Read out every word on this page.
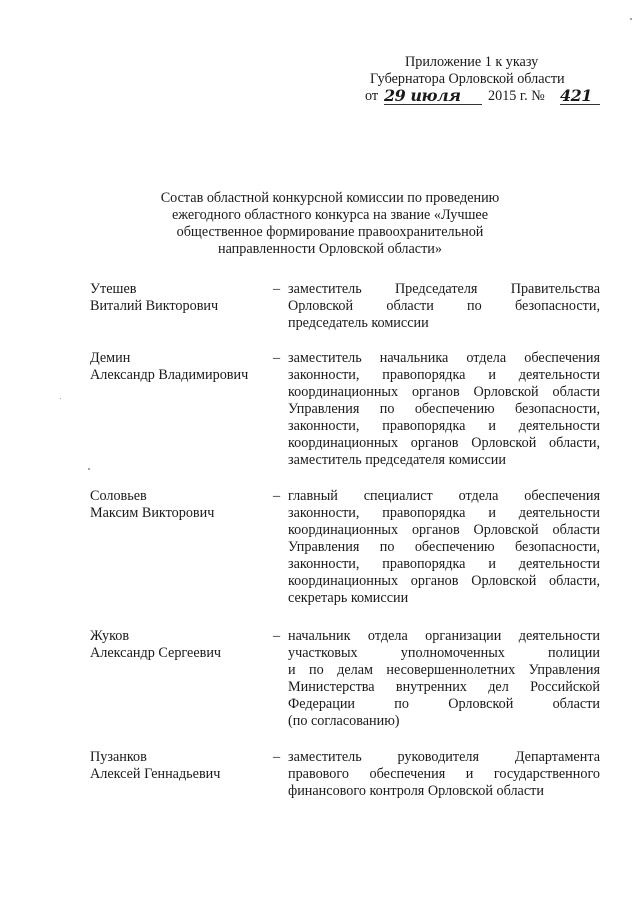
Приложение 1 к указу
Губернатора Орловской области
от 29 июля	2015 г. № 421
Состав областной конкурсной комиссии по проведению
ежегодного областного конкурса на звание «Лучшее
общественное формирование правоохранительной
направленности Орловской области»
Утешев
Виталий Викторович
– заместитель Председателя Правительства
Орловской области по безопасности,
председатель комиссии
Демин
Александр Владимирович
– заместитель начальника отдела обеспечения
законности, правопорядка и деятельности
координационных органов Орловской области
Управления по обеспечению безопасности,
законности, правопорядка и деятельности
координационных органов Орловской области,
заместитель председателя комиссии
Соловьев
Максим Викторович
– главный специалист отдела обеспечения
законности, правопорядка и деятельности
координационных органов Орловской области
Управления по обеспечению безопасности,
законности, правопорядка и деятельности
координационных органов Орловской области,
секретарь комиссии
Жуков
Александр Сергеевич
– начальник отдела организации деятельности
участковых уполномоченных полиции
и по делам несовершеннолетних Управления
Министерства внутренних дел Российской
Федерации по Орловской области
(по согласованию)
Пузанков
Алексей Геннадьевич
– заместитель руководителя Департамента
правового обеспечения и государственного
финансового контроля Орловской области
